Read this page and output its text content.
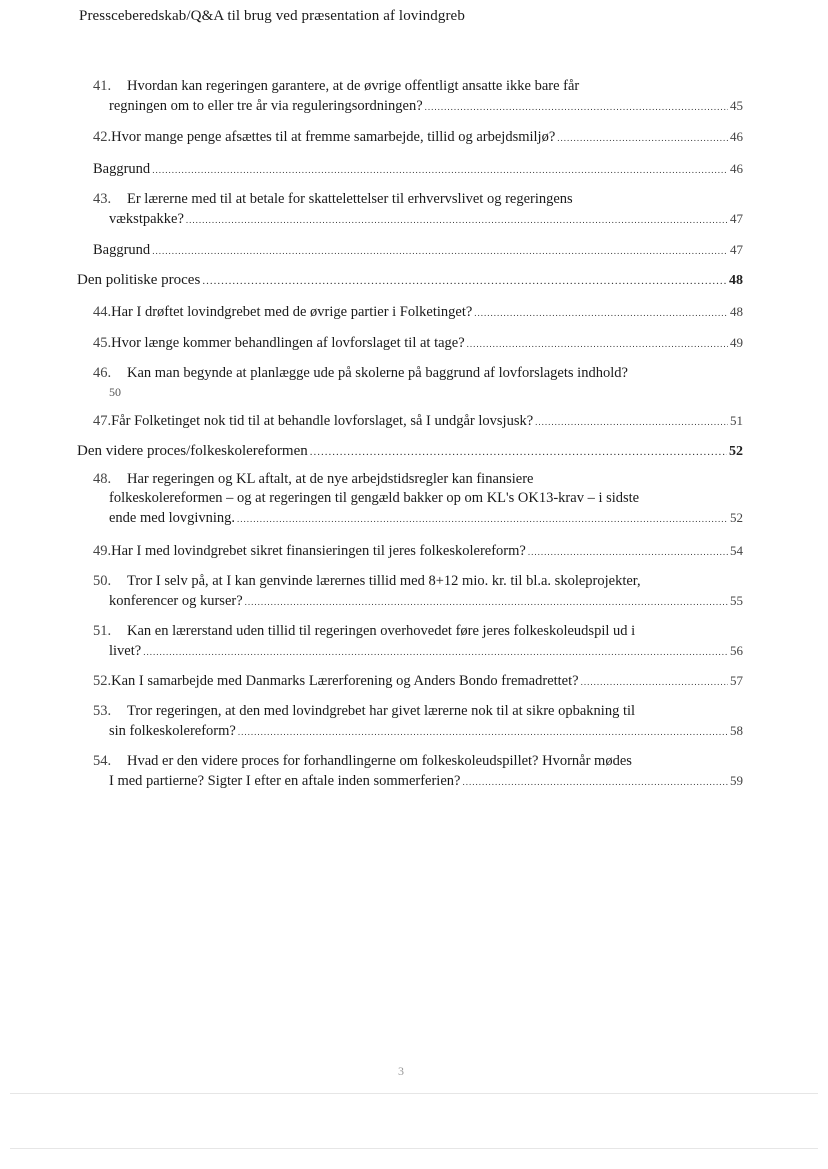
Pressceberedskab/Q&A til brug ved præsentation af lovindgreb
41. Hvordan kan regeringen garantere, at de øvrige offentligt ansatte ikke bare får
regningen om to eller tre år via reguleringsordningen? .....	45
42. Hvor mange penge afsættes til at fremme samarbejde, tillid og arbejdsmiljø? .....	46
Baggrund .....	46
43. Er lærerne med til at betale for skattelettelser til erhvervslivet og regeringens
vækstpakke? .....	47
Baggrund .....	47
Den politiske proces .....	48
44. Har I drøftet lovindgrebet med de øvrige partier i Folketinget? .....	48
45. Hvor længe kommer behandlingen af lovforslaget til at tage? .....	49
46. Kan man begynde at planlægge ude på skolerne på baggrund af lovforslagets indhold?
50
47. Får Folketinget nok tid til at behandle lovforslaget, så I undgår lovsjusk? .....	51
Den videre proces/folkeskolereformen .....	52
48. Har regeringen og KL aftalt, at de nye arbejdstidsregler kan finansiere
folkeskolereformen – og at regeringen til gengæld bakker op om KL's OK13-krav – i sidste
ende med lovgivning. .....	52
49. Har I med lovindgrebet sikret finansieringen til jeres folkeskolereform? .....	54
50. Tror I selv på, at I kan genvinde lærernes tillid med 8+12 mio. kr. til bl.a. skoleprojekter,
konferencer og kurser? .....	55
51. Kan en lærerstand uden tillid til regeringen overhovedet føre jeres folkeskoleudspil ud i
livet? .....	56
52. Kan I samarbejde med Danmarks Lærerforening og Anders Bondo fremadrettet? .....	57
53. Tror regeringen, at den med lovindgrebet har givet lærerne nok til at sikre opbakning til
sin folkeskolereform? .....	58
54. Hvad er den videre proces for forhandlingerne om folkeskoleudspillet? Hvornår mødes
I med partierne? Sigter I efter en aftale inden sommerferien? .....	59
3
